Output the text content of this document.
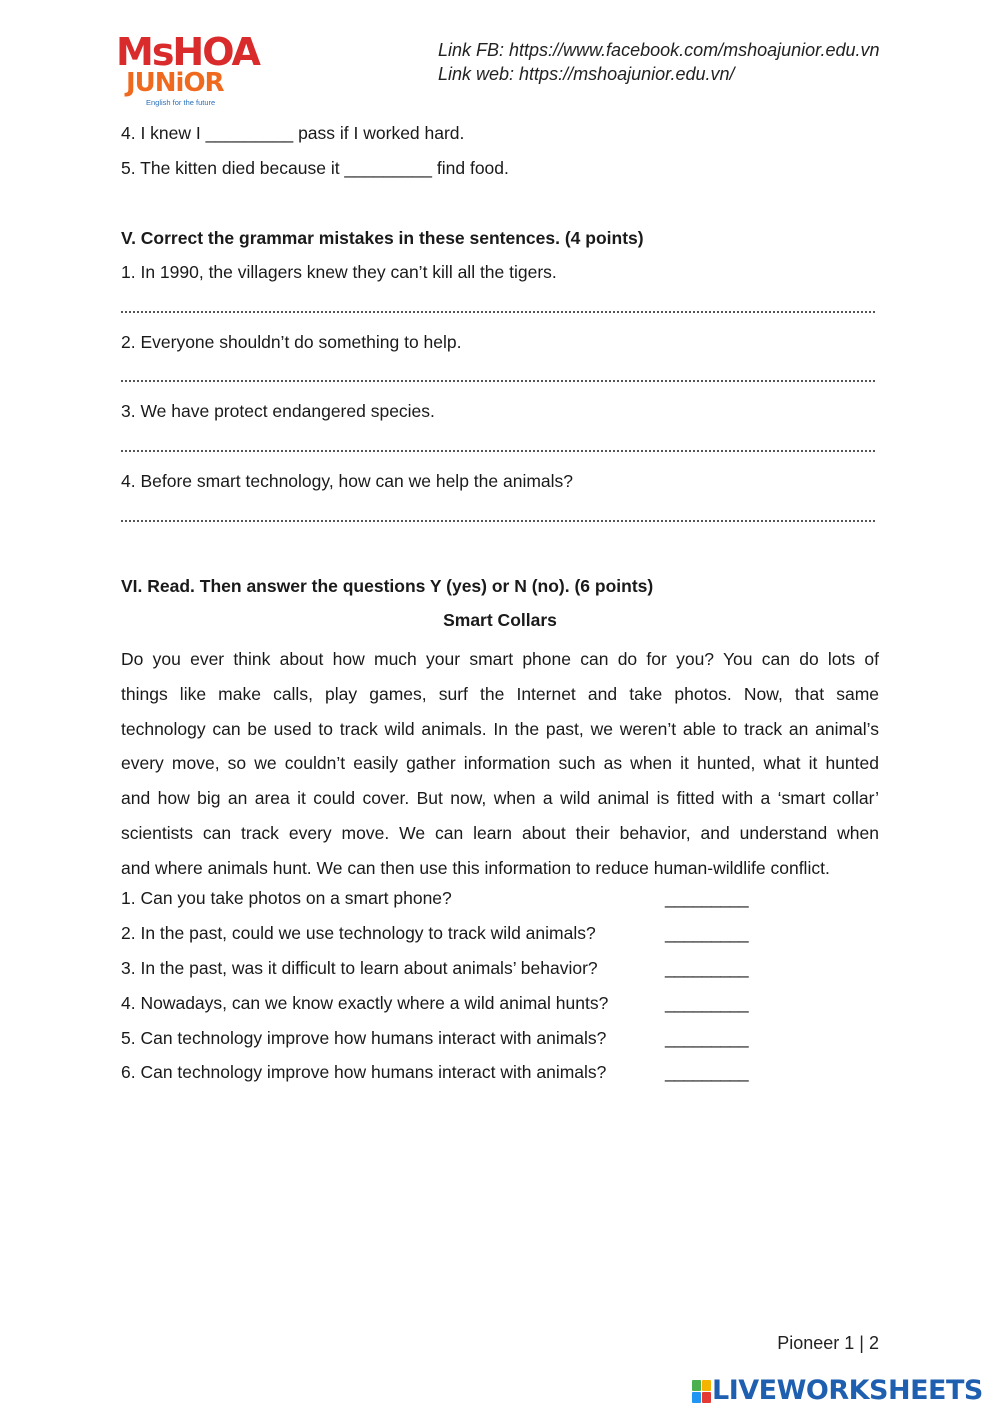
MsHOA
JUNiOR
English for the future
Link FB: https://www.facebook.com/mshoajunior.edu.vn
Link web: https://mshoajunior.edu.vn/
4. I knew I _________ pass if I worked hard.
5. The kitten died because it _________ find food.
V. Correct the grammar mistakes in these sentences. (4 points)
1. In 1990, the villagers knew they can’t kill all the tigers.
2. Everyone shouldn’t do something to help.
3. We have protect endangered species.
4. Before smart technology, how can we help the animals?
VI. Read. Then answer the questions Y (yes) or N (no). (6 points)
Smart Collars
Do you ever think about how much your smart phone can do for you? You can do lots of
things like make calls, play games, surf the Internet and take photos. Now, that same
technology can be used to track wild animals. In the past, we weren’t able to track an animal’s
every move, so we couldn’t easily gather information such as when it hunted, what it hunted
and how big an area it could cover. But now, when a wild animal is fitted with a ‘smart collar’
scientists can track every move. We can learn about their behavior, and understand when
and where animals hunt. We can then use this information to reduce human-wildlife conflict.
1. Can you take photos on a smart phone?	_________
2. In the past, could we use technology to track wild animals?	_________
3. In the past, was it difficult to learn about animals’ behavior?	_________
4. Nowadays, can we know exactly where a wild animal hunts?	_________
5. Can technology improve how humans interact with animals?	_________
6. Can technology improve how humans interact with animals?	_________
Pioneer 1 | 2
LIVEWORKSHEETS
